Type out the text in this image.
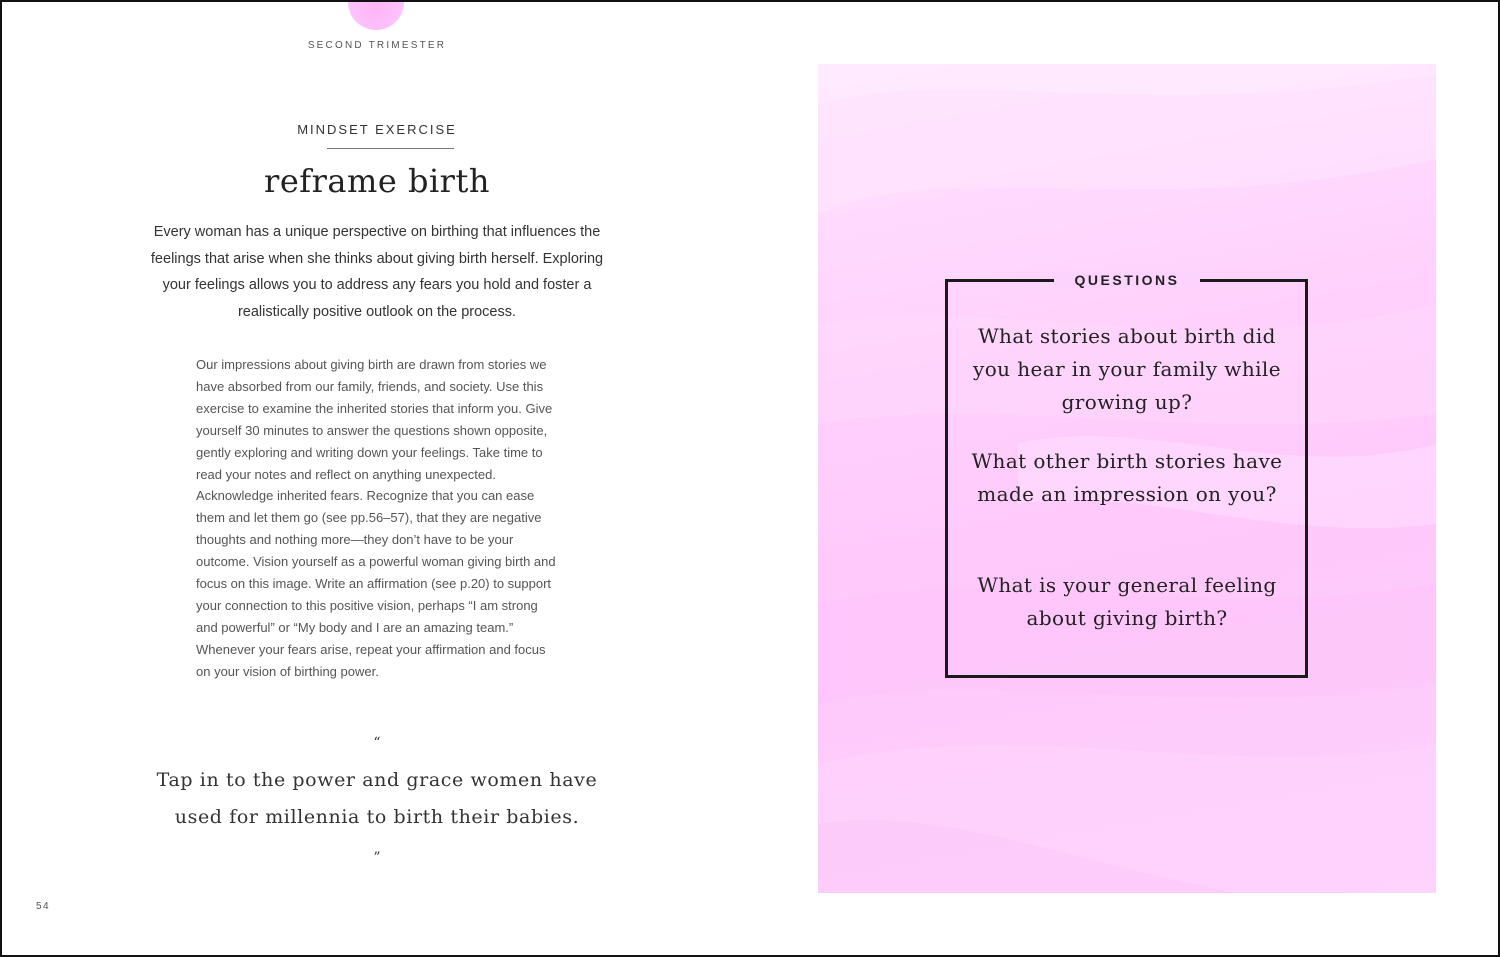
SECOND TRIMESTER
MINDSET EXERCISE
reframe birth
Every woman has a unique perspective on birthing that influences the feelings that arise when she thinks about giving birth herself. Exploring your feelings allows you to address any fears you hold and foster a realistically positive outlook on the process.
Our impressions about giving birth are drawn from stories we have absorbed from our family, friends, and society. Use this exercise to examine the inherited stories that inform you. Give yourself 30 minutes to answer the questions shown opposite, gently exploring and writing down your feelings. Take time to read your notes and reflect on anything unexpected. Acknowledge inherited fears. Recognize that you can ease them and let them go (see pp.56–57), that they are negative thoughts and nothing more—they don’t have to be your outcome. Vision yourself as a powerful woman giving birth and focus on this image. Write an affirmation (see p.20) to support your connection to this positive vision, perhaps “I am strong and powerful” or “My body and I are an amazing team.” Whenever your fears arise, repeat your affirmation and focus on your vision of birthing power.
“
Tap in to the power and grace women have used for millennia to birth their babies.
”
54
QUESTIONS
What stories about birth did you hear in your family while growing up?
What other birth stories have made an impression on you?
What is your general feeling about giving birth?
